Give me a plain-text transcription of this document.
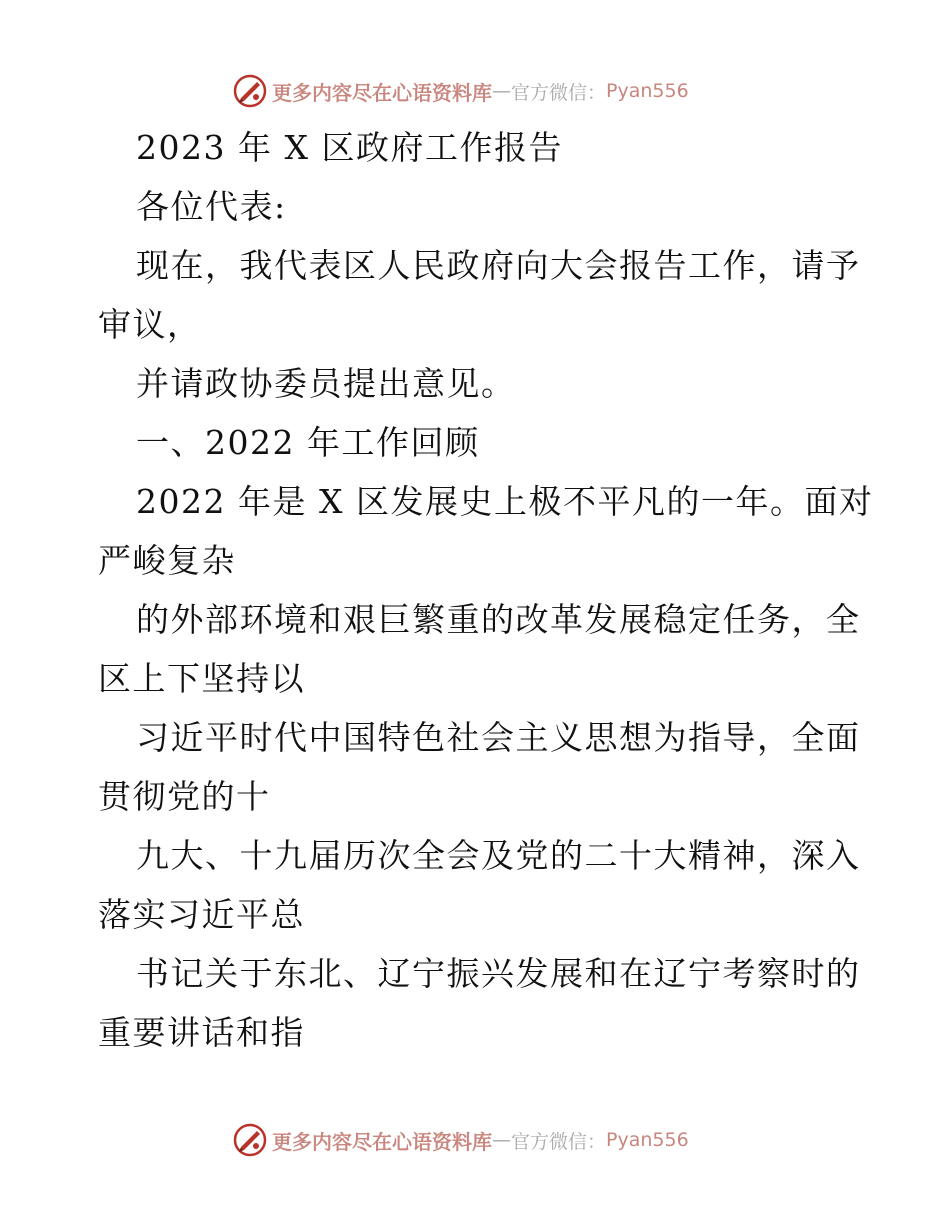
更多内容尽在心语资料库 — 官方微信： Pyan556
2023 年 X 区政府工作报告
各位代表:
现在，我代表区人民政府向大会报告工作，请予
审议，
并请政协委员提出意见。
一、2022 年工作回顾
2022 年是 X 区发展史上极不平凡的一年。面对
严峻复杂
的外部环境和艰巨繁重的改革发展稳定任务，全
区上下坚持以
习近平时代中国特色社会主义思想为指导，全面
贯彻党的十
九大、十九届历次全会及党的二十大精神，深入
落实习近平总
书记关于东北、辽宁振兴发展和在辽宁考察时的
重要讲话和指
更多内容尽在心语资料库 — 官方微信： Pyan556
